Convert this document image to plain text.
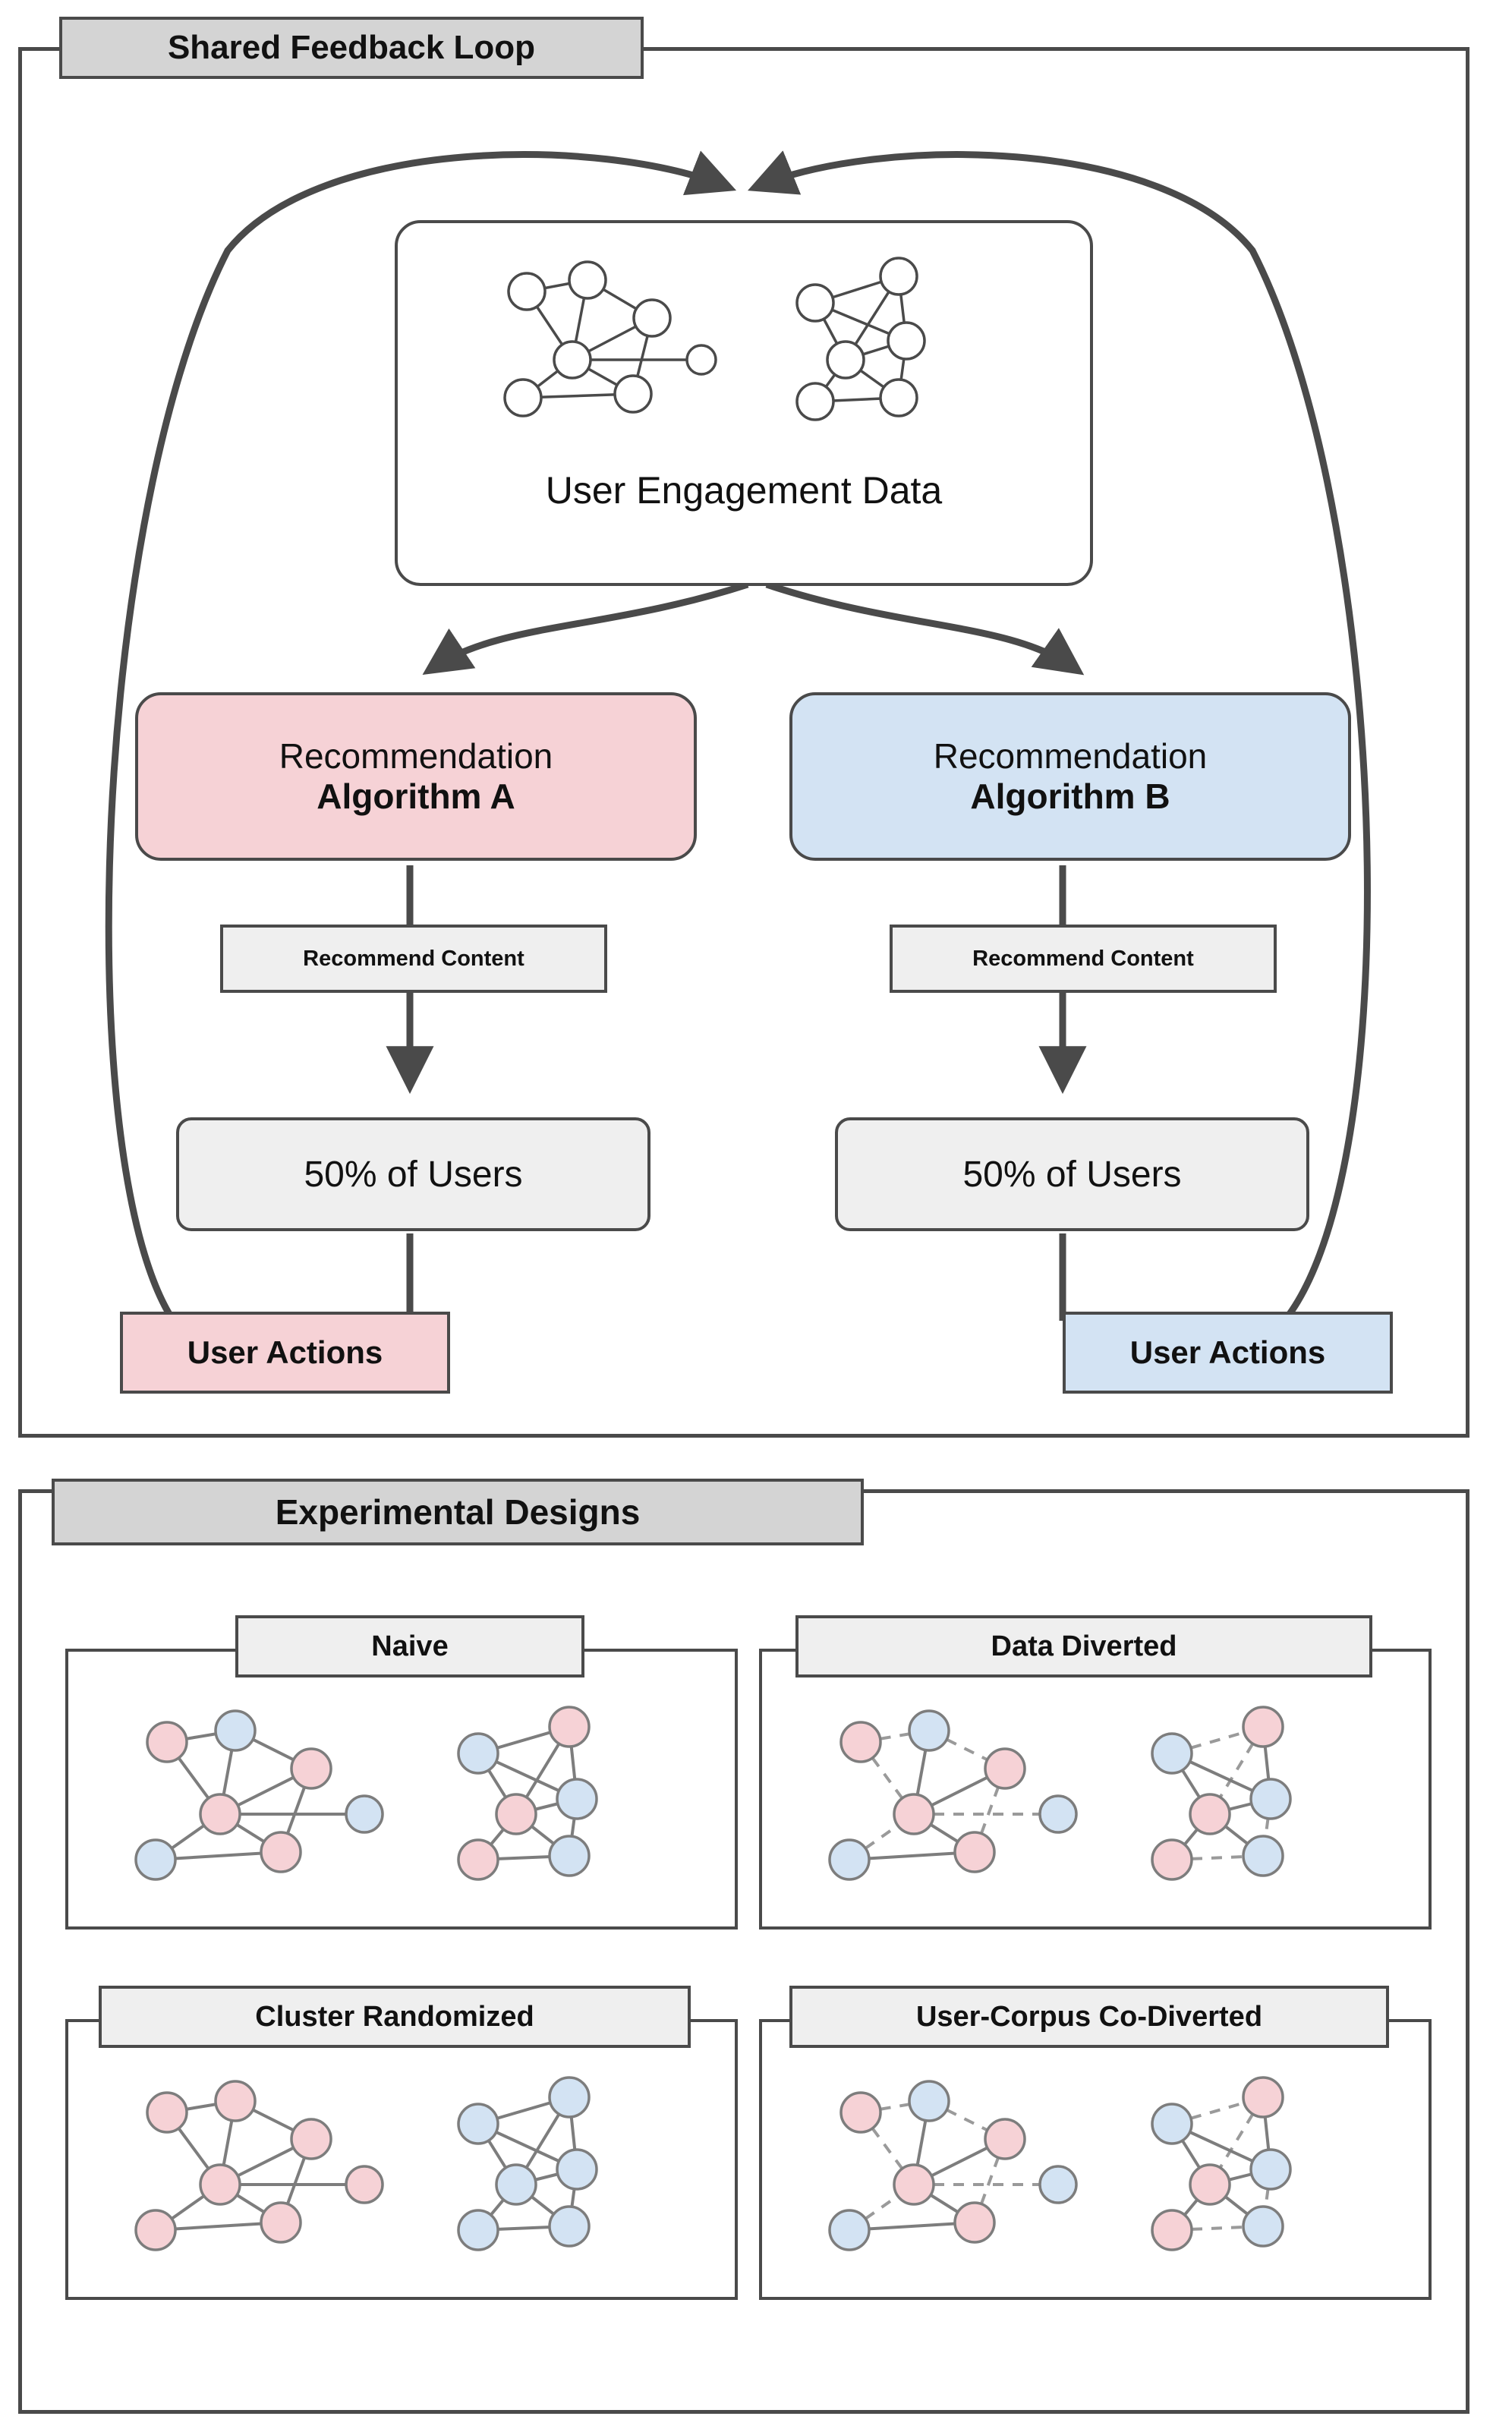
Shared Feedback Loop
User Engagement Data
Recommendation
Algorithm A
Recommendation
Algorithm B
Recommend Content	Recommend Content
50% of Users	50% of Users
User Actions	User Actions
Experimental Designs
Naive	Data Diverted
Cluster Randomized	User-Corpus Co-Diverted
